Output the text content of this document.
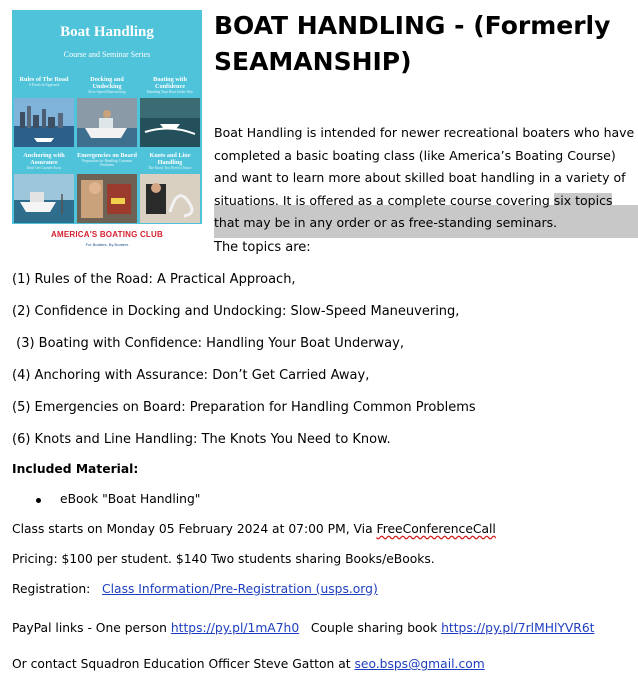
Boat Handling
Course and Seminar Series
Rules of The Road
A Practical Approach
Docking and Undocking
Slow-Speed Maneuvering
Boating with Confidence
Handling Your Boat Under Way
Anchoring with Assurance
Don't Get Carried Away
Emergencies on Board
Preparation for Handling Common Problems
Knots and Line Handling
The Knots You Need to Know
AMERICA'S BOATING CLUB
For Boaters, By Boaters
BOAT HANDLING - (Formerly
SEAMANSHIP)
Boat Handling is intended for newer recreational boaters who have completed a basic boating class (like America’s Boating Course) and want to learn more about skilled boat handling in a variety of situations. It is offered as a complete course covering six topics that may be in any order or as free-standing seminars.
The topics are:
(1) Rules of the Road: A Practical Approach,
(2) Confidence in Docking and Undocking: Slow-Speed Maneuvering,
(3) Boating with Confidence: Handling Your Boat Underway,
(4) Anchoring with Assurance: Don’t Get Carried Away,
(5) Emergencies on Board: Preparation for Handling Common Problems
(6) Knots and Line Handling: The Knots You Need to Know.
Included Material:
eBook "Boat Handling"
Class starts on Monday 05 February 2024 at 07:00 PM, Via FreeConferenceCall
Pricing: $100 per student. $140 Two students sharing Books/eBooks.
Registration: Class Information/Pre-Registration (usps.org)
PayPal links - One person https://py.pl/1mA7h0 Couple sharing book https://py.pl/7rlMHlYVR6t
Or contact Squadron Education Officer Steve Gatton at seo.bsps@gmail.com
